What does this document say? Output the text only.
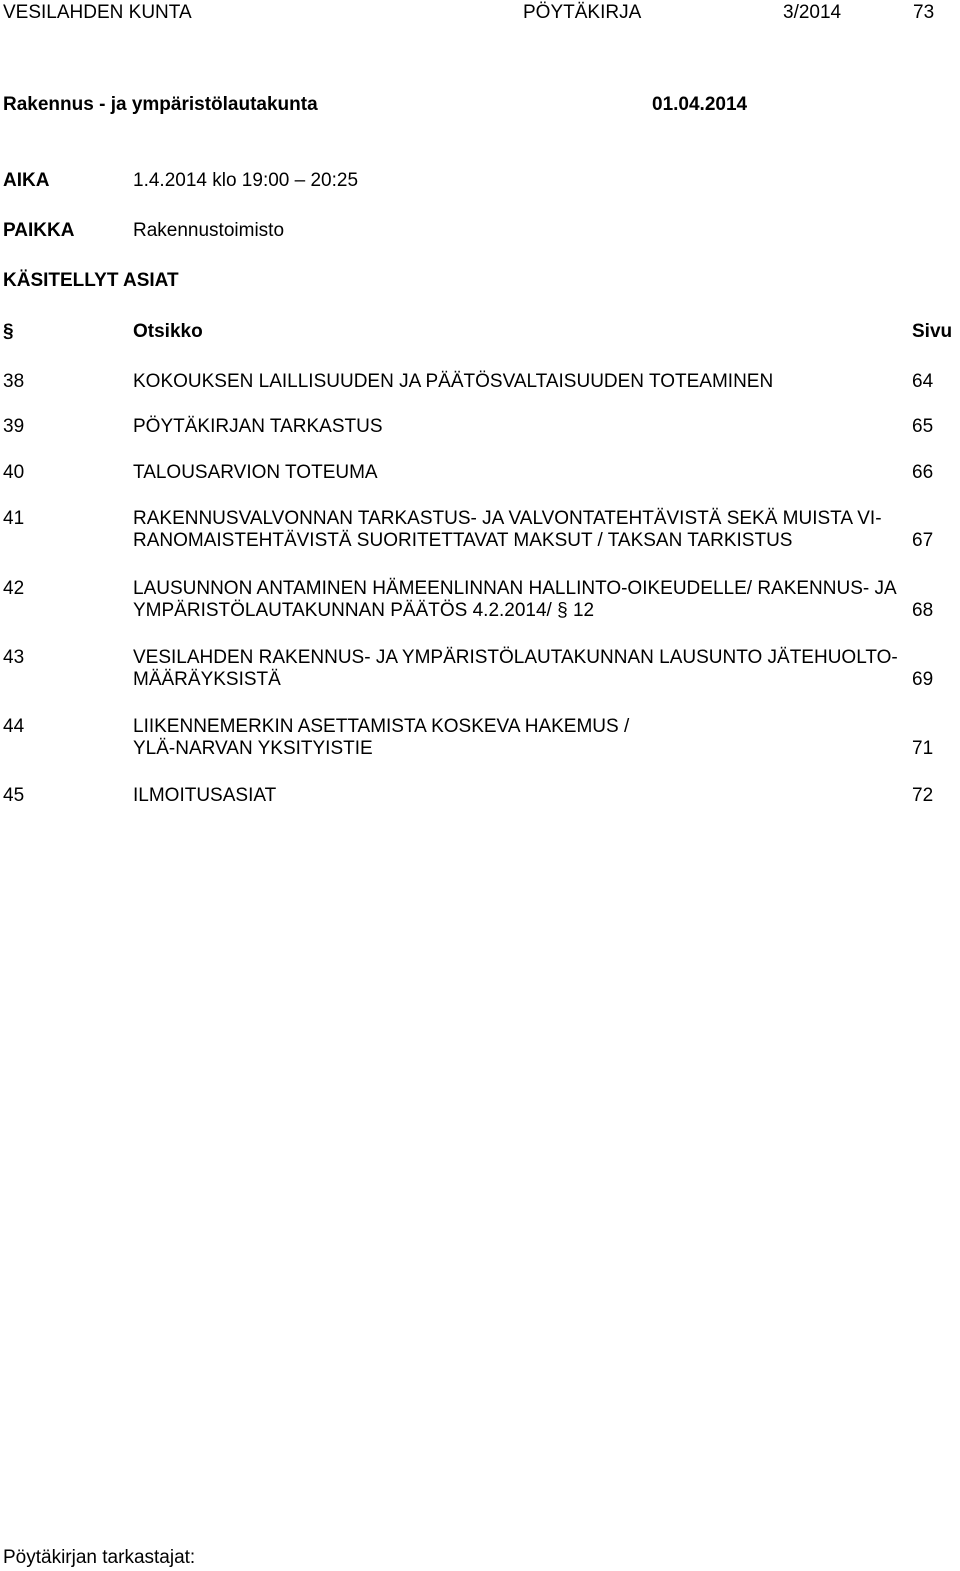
VESILAHDEN KUNTA	PÖYTÄKIRJA	3/2014	73
Rakennus - ja ympäristölautakunta	01.04.2014
AIKA	1.4.2014 klo 19:00 – 20:25
PAIKKA	Rakennustoimisto
KÄSITELLYT ASIAT
§	Otsikko	Sivu
38	KOKOUKSEN LAILLISUUDEN JA PÄÄTÖSVALTAISUUDEN TOTEAMINEN	64
39	PÖYTÄKIRJAN TARKASTUS	65
40	TALOUSARVION TOTEUMA	66
41	RAKENNUSVALVONNAN TARKASTUS- JA VALVONTATEHTÄVISTÄ SEKÄ MUISTA VI-
RANOMAISTEHTÄVISTÄ SUORITETTAVAT MAKSUT / TAKSAN TARKISTUS	67
42	LAUSUNNON ANTAMINEN HÄMEENLINNAN HALLINTO-OIKEUDELLE/ RAKENNUS- JA
YMPÄRISTÖLAUTAKUNNAN PÄÄTÖS 4.2.2014/ § 12	68
43	VESILAHDEN RAKENNUS- JA YMPÄRISTÖLAUTAKUNNAN LAUSUNTO JÄTEHUOLTO-
MÄÄRÄYKSISTÄ	69
44	LIIKENNEMERKIN ASETTAMISTA KOSKEVA HAKEMUS /
YLÄ-NARVAN YKSITYISTIE	71
45	ILMOITUSASIAT	72
Pöytäkirjan tarkastajat:
